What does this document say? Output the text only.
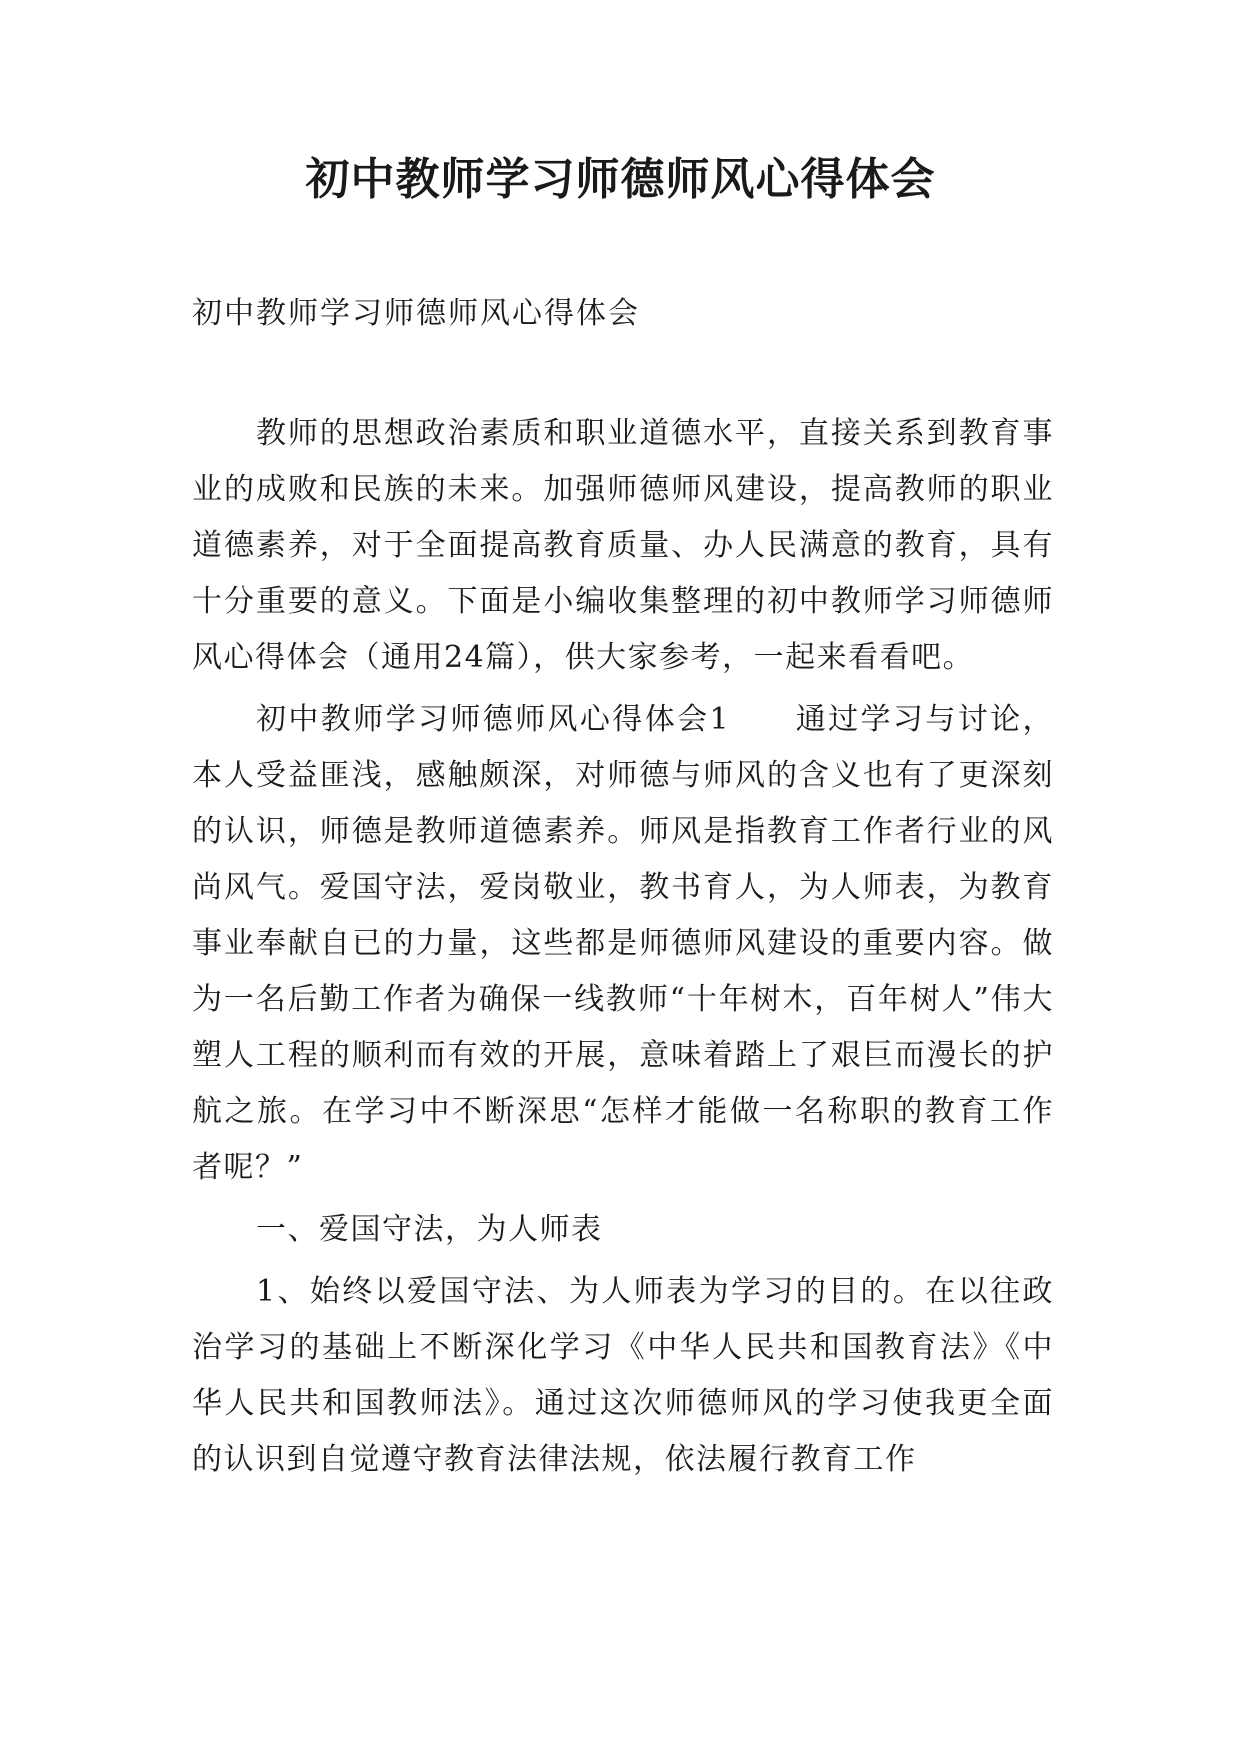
初中教师学习师德师风心得体会

初中教师学习师德师风心得体会

教师的思想政治素质和职业道德水平，直接关系到教育事业的成败和民族的未来。加强师德师风建设，提高教师的职业道德素养，对于全面提高教育质量、办人民满意的教育，具有十分重要的意义。下面是小编收集整理的初中教师学习师德师风心得体会（通用24篇），供大家参考，一起来看看吧。

初中教师学习师德师风心得体会1　　通过学习与讨论，本人受益匪浅，感触颇深，对师德与师风的含义也有了更深刻的认识，师德是教师道德素养。师风是指教育工作者行业的风尚风气。爱国守法，爱岗敬业，教书育人，为人师表，为教育事业奉献自已的力量，这些都是师德师风建设的重要内容。做为一名后勤工作者为确保一线教师“十年树木，百年树人”伟大塑人工程的顺利而有效的开展，意味着踏上了艰巨而漫长的护航之旅。在学习中不断深思“怎样才能做一名称职的教育工作者呢？”

一、爱国守法，为人师表

1、始终以爱国守法、为人师表为学习的目的。在以往政治学习的基础上不断深化学习《中华人民共和国教育法》《中华人民共和国教师法》。通过这次师德师风的学习使我更全面的认识到自觉遵守教育法律法规，依法履行教育工作
